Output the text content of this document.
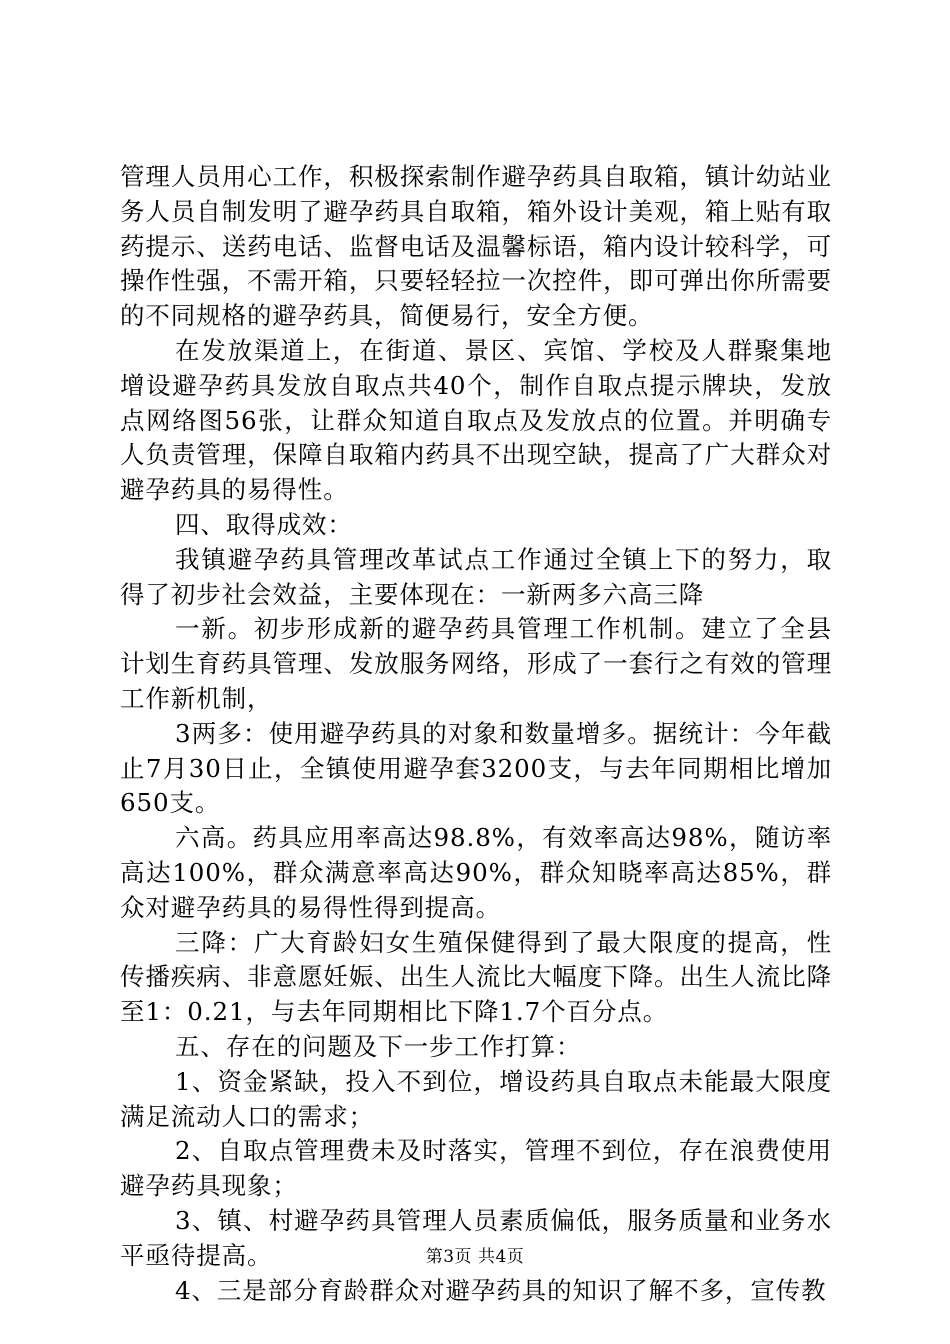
管理人员用心工作，积极探索制作避孕药具自取箱，镇计幼站业务人员自制发明了避孕药具自取箱，箱外设计美观，箱上贴有取药提示、送药电话、监督电话及温馨标语，箱内设计较科学，可操作性强，不需开箱，只要轻轻拉一次控件，即可弹出你所需要的不同规格的避孕药具，简便易行，安全方便。

在发放渠道上，在街道、景区、宾馆、学校及人群聚集地增设避孕药具发放自取点共40个，制作自取点提示牌块，发放点网络图56张，让群众知道自取点及发放点的位置。并明确专人负责管理，保障自取箱内药具不出现空缺，提高了广大群众对避孕药具的易得性。

四、取得成效：

我镇避孕药具管理改革试点工作通过全镇上下的努力，取得了初步社会效益，主要体现在：一新两多六高三降

一新。初步形成新的避孕药具管理工作机制。建立了全县计划生育药具管理、发放服务网络，形成了一套行之有效的管理工作新机制，

3两多：使用避孕药具的对象和数量增多。据统计：今年截止7月30日止，全镇使用避孕套3200支，与去年同期相比增加650支。

六高。药具应用率高达98.8%，有效率高达98%，随访率高达100%，群众满意率高达90%，群众知晓率高达85%，群众对避孕药具的易得性得到提高。

三降：广大育龄妇女生殖保健得到了最大限度的提高，性传播疾病、非意愿妊娠、出生人流比大幅度下降。出生人流比降至1：0.21，与去年同期相比下降1.7个百分点。

五、存在的问题及下一步工作打算：

1、资金紧缺，投入不到位，增设药具自取点未能最大限度满足流动人口的需求；

2、自取点管理费未及时落实，管理不到位，存在浪费使用避孕药具现象；

3、镇、村避孕药具管理人员素质偏低，服务质量和业务水平亟待提高。

4、三是部分育龄群众对避孕药具的知识了解不多，宣传教

第3页 共4页
